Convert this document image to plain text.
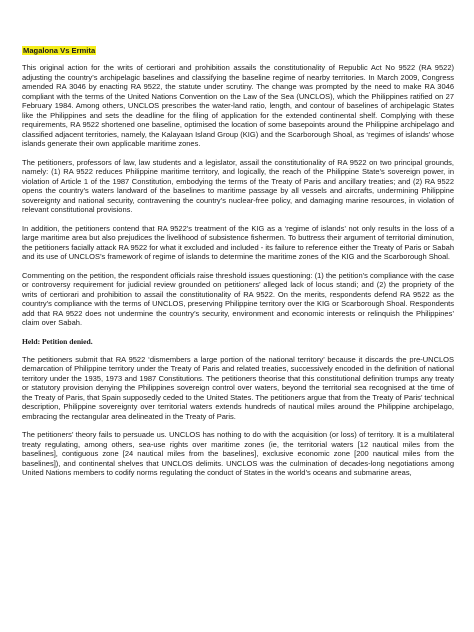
Magalona Vs Ermita

This original action for the writs of certiorari and prohibition assails the constitutionality of Republic Act No 9522 (RA 9522) adjusting the country’s archipelagic baselines and classifying the baseline regime of nearby territories. In March 2009, Congress amended RA 3046 by enacting RA 9522, the statute under scrutiny. The change was prompted by the need to make RA 3046 compliant with the terms of the United Nations Convention on the Law of the Sea (UNCLOS), which the Philippines ratified on 27 February 1984. Among others, UNCLOS prescribes the water-land ratio, length, and contour of baselines of archipelagic States like the Philippines and sets the deadline for the filing of application for the extended continental shelf. Complying with these requirements, RA 9522 shortened one baseline, optimised the location of some basepoints around the Philippine archipelago and classified adjacent territories, namely, the Kalayaan Island Group (KIG) and the Scarborough Shoal, as ‘regimes of islands’ whose islands generate their own applicable maritime zones.

The petitioners, professors of law, law students and a legislator, assail the constitutionality of RA 9522 on two principal grounds, namely: (1) RA 9522 reduces Philippine maritime territory, and logically, the reach of the Philippine State’s sovereign power, in violation of Article 1 of the 1987 Constitution, embodying the terms of the Treaty of Paris and ancillary treaties; and (2) RA 9522 opens the country’s waters landward of the baselines to maritime passage by all vessels and aircrafts, undermining Philippine sovereignty and national security, contravening the country’s nuclear-free policy, and damaging marine resources, in violation of relevant constitutional provisions.

In addition, the petitioners contend that RA 9522’s treatment of the KIG as a ‘regime of islands’ not only results in the loss of a large maritime area but also prejudices the livelihood of subsistence fishermen. To buttress their argument of territorial diminution, the petitioners facially attack RA 9522 for what it excluded and included - its failure to reference either the Treaty of Paris or Sabah and its use of UNCLOS’s framework of regime of islands to determine the maritime zones of the KIG and the Scarborough Shoal.

Commenting on the petition, the respondent officials raise threshold issues questioning: (1) the petition’s compliance with the case or controversy requirement for judicial review grounded on petitioners’ alleged lack of locus standi; and (2) the propriety of the writs of certiorari and prohibition to assail the constitutionality of RA 9522. On the merits, respondents defend RA 9522 as the country’s compliance with the terms of UNCLOS, preserving Philippine territory over the KIG or Scarborough Shoal. Respondents add that RA 9522 does not undermine the country’s security, environment and economic interests or relinquish the Philippines’ claim over Sabah.

Held: Petition denied.

The petitioners submit that RA 9522 ‘dismembers a large portion of the national territory’ because it discards the pre-UNCLOS demarcation of Philippine territory under the Treaty of Paris and related treaties, successively encoded in the definition of national territory under the 1935, 1973 and 1987 Constitutions. The petitioners theorise that this constitutional definition trumps any treaty or statutory provision denying the Philippines sovereign control over waters, beyond the territorial sea recognised at the time of the Treaty of Paris, that Spain supposedly ceded to the United States. The petitioners argue that from the Treaty of Paris’ technical description, Philippine sovereignty over territorial waters extends hundreds of nautical miles around the Philippine archipelago, embracing the rectangular area delineated in the Treaty of Paris.

The petitioners’ theory fails to persuade us. UNCLOS has nothing to do with the acquisition (or loss) of territory. It is a multilateral treaty regulating, among others, sea-use rights over maritime zones (ie, the territorial waters [12 nautical miles from the baselines], contiguous zone [24 nautical miles from the baselines], exclusive economic zone [200 nautical miles from the baselines]), and continental shelves that UNCLOS delimits. UNCLOS was the culmination of decades-long negotiations among United Nations members to codify norms regulating the conduct of States in the world’s oceans and submarine areas,
